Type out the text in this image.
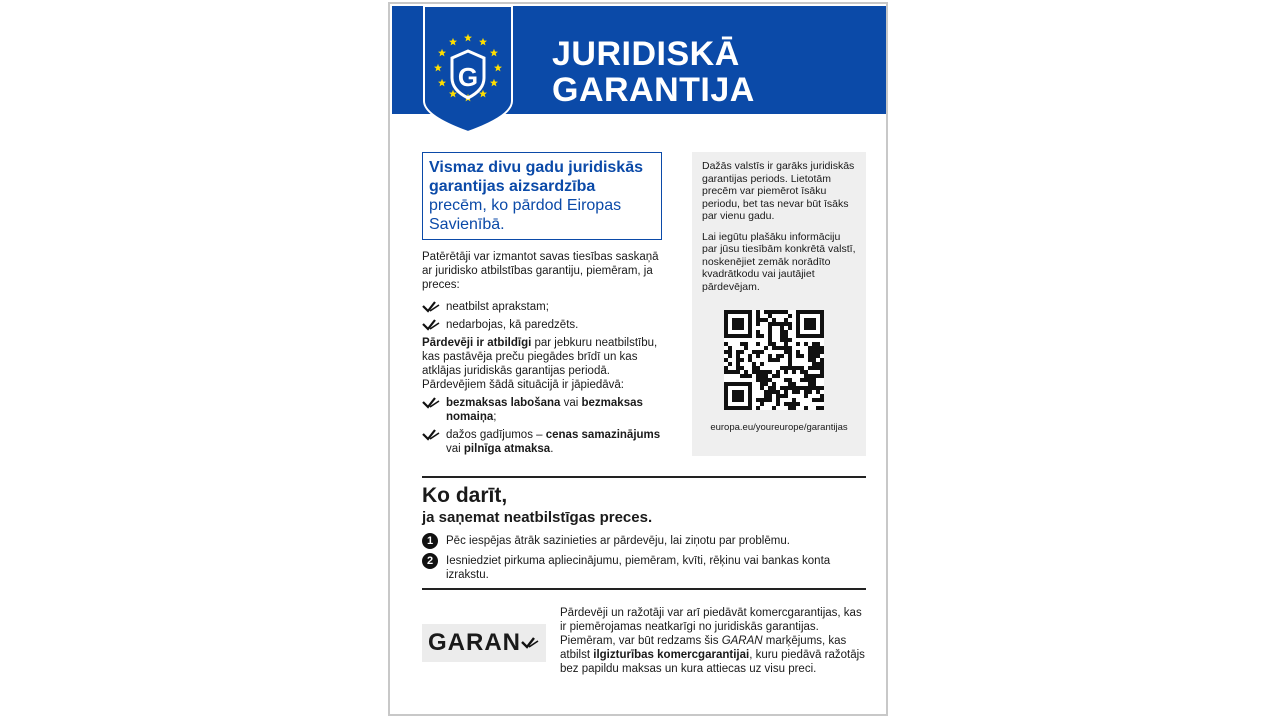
G
JURIDISKĀ
GARANTIJA
Vismaz divu gadu juridiskās garantijas aizsardzība precēm, ko pārdod Eiropas Savienībā.
Patērētāji var izmantot savas tiesības saskaņā ar juridisko atbilstības garantiju, piemēram, ja preces:
neatbilst aprakstam;
nedarbojas, kā paredzēts.
Pārdevēji ir atbildīgi par jebkuru neatbilstību, kas pastāvēja preču piegādes brīdī un kas atklājas juridiskās garantijas periodā. Pārdevējiem šādā situācijā ir jāpiedāvā:
bezmaksas labošana vai bezmaksas nomaiņa;
dažos gadījumos – cenas samazinājums vai pilnīga atmaksa.
Dažās valstīs ir garāks juridiskās garantijas periods. Lietotām precēm var piemērot īsāku periodu, bet tas nevar būt īsāks par vienu gadu.
Lai iegūtu plašāku informāciju par jūsu tiesībām konkrētā valstī, noskenējiet zemāk norādīto kvadrātkodu vai jautājiet pārdevējam.
europa.eu/youreurope/garantijas
Ko darīt,
ja saņemat neatbilstīgas preces.
1	Pēc iespējas ātrāk sazinieties ar pārdevēju, lai ziņotu par problēmu.
2	Iesniedziet pirkuma apliecinājumu, piemēram, kvīti, rēķinu vai bankas konta izrakstu.
GARAN
Pārdevēji un ražotāji var arī piedāvāt komercgarantijas, kas ir piemērojamas neatkarīgi no juridiskās garantijas. Piemēram, var būt redzams šis GARAN marķējums, kas atbilst ilgizturības komercgarantijai, kuru piedāvā ražotājs bez papildu maksas un kura attiecas uz visu preci.
